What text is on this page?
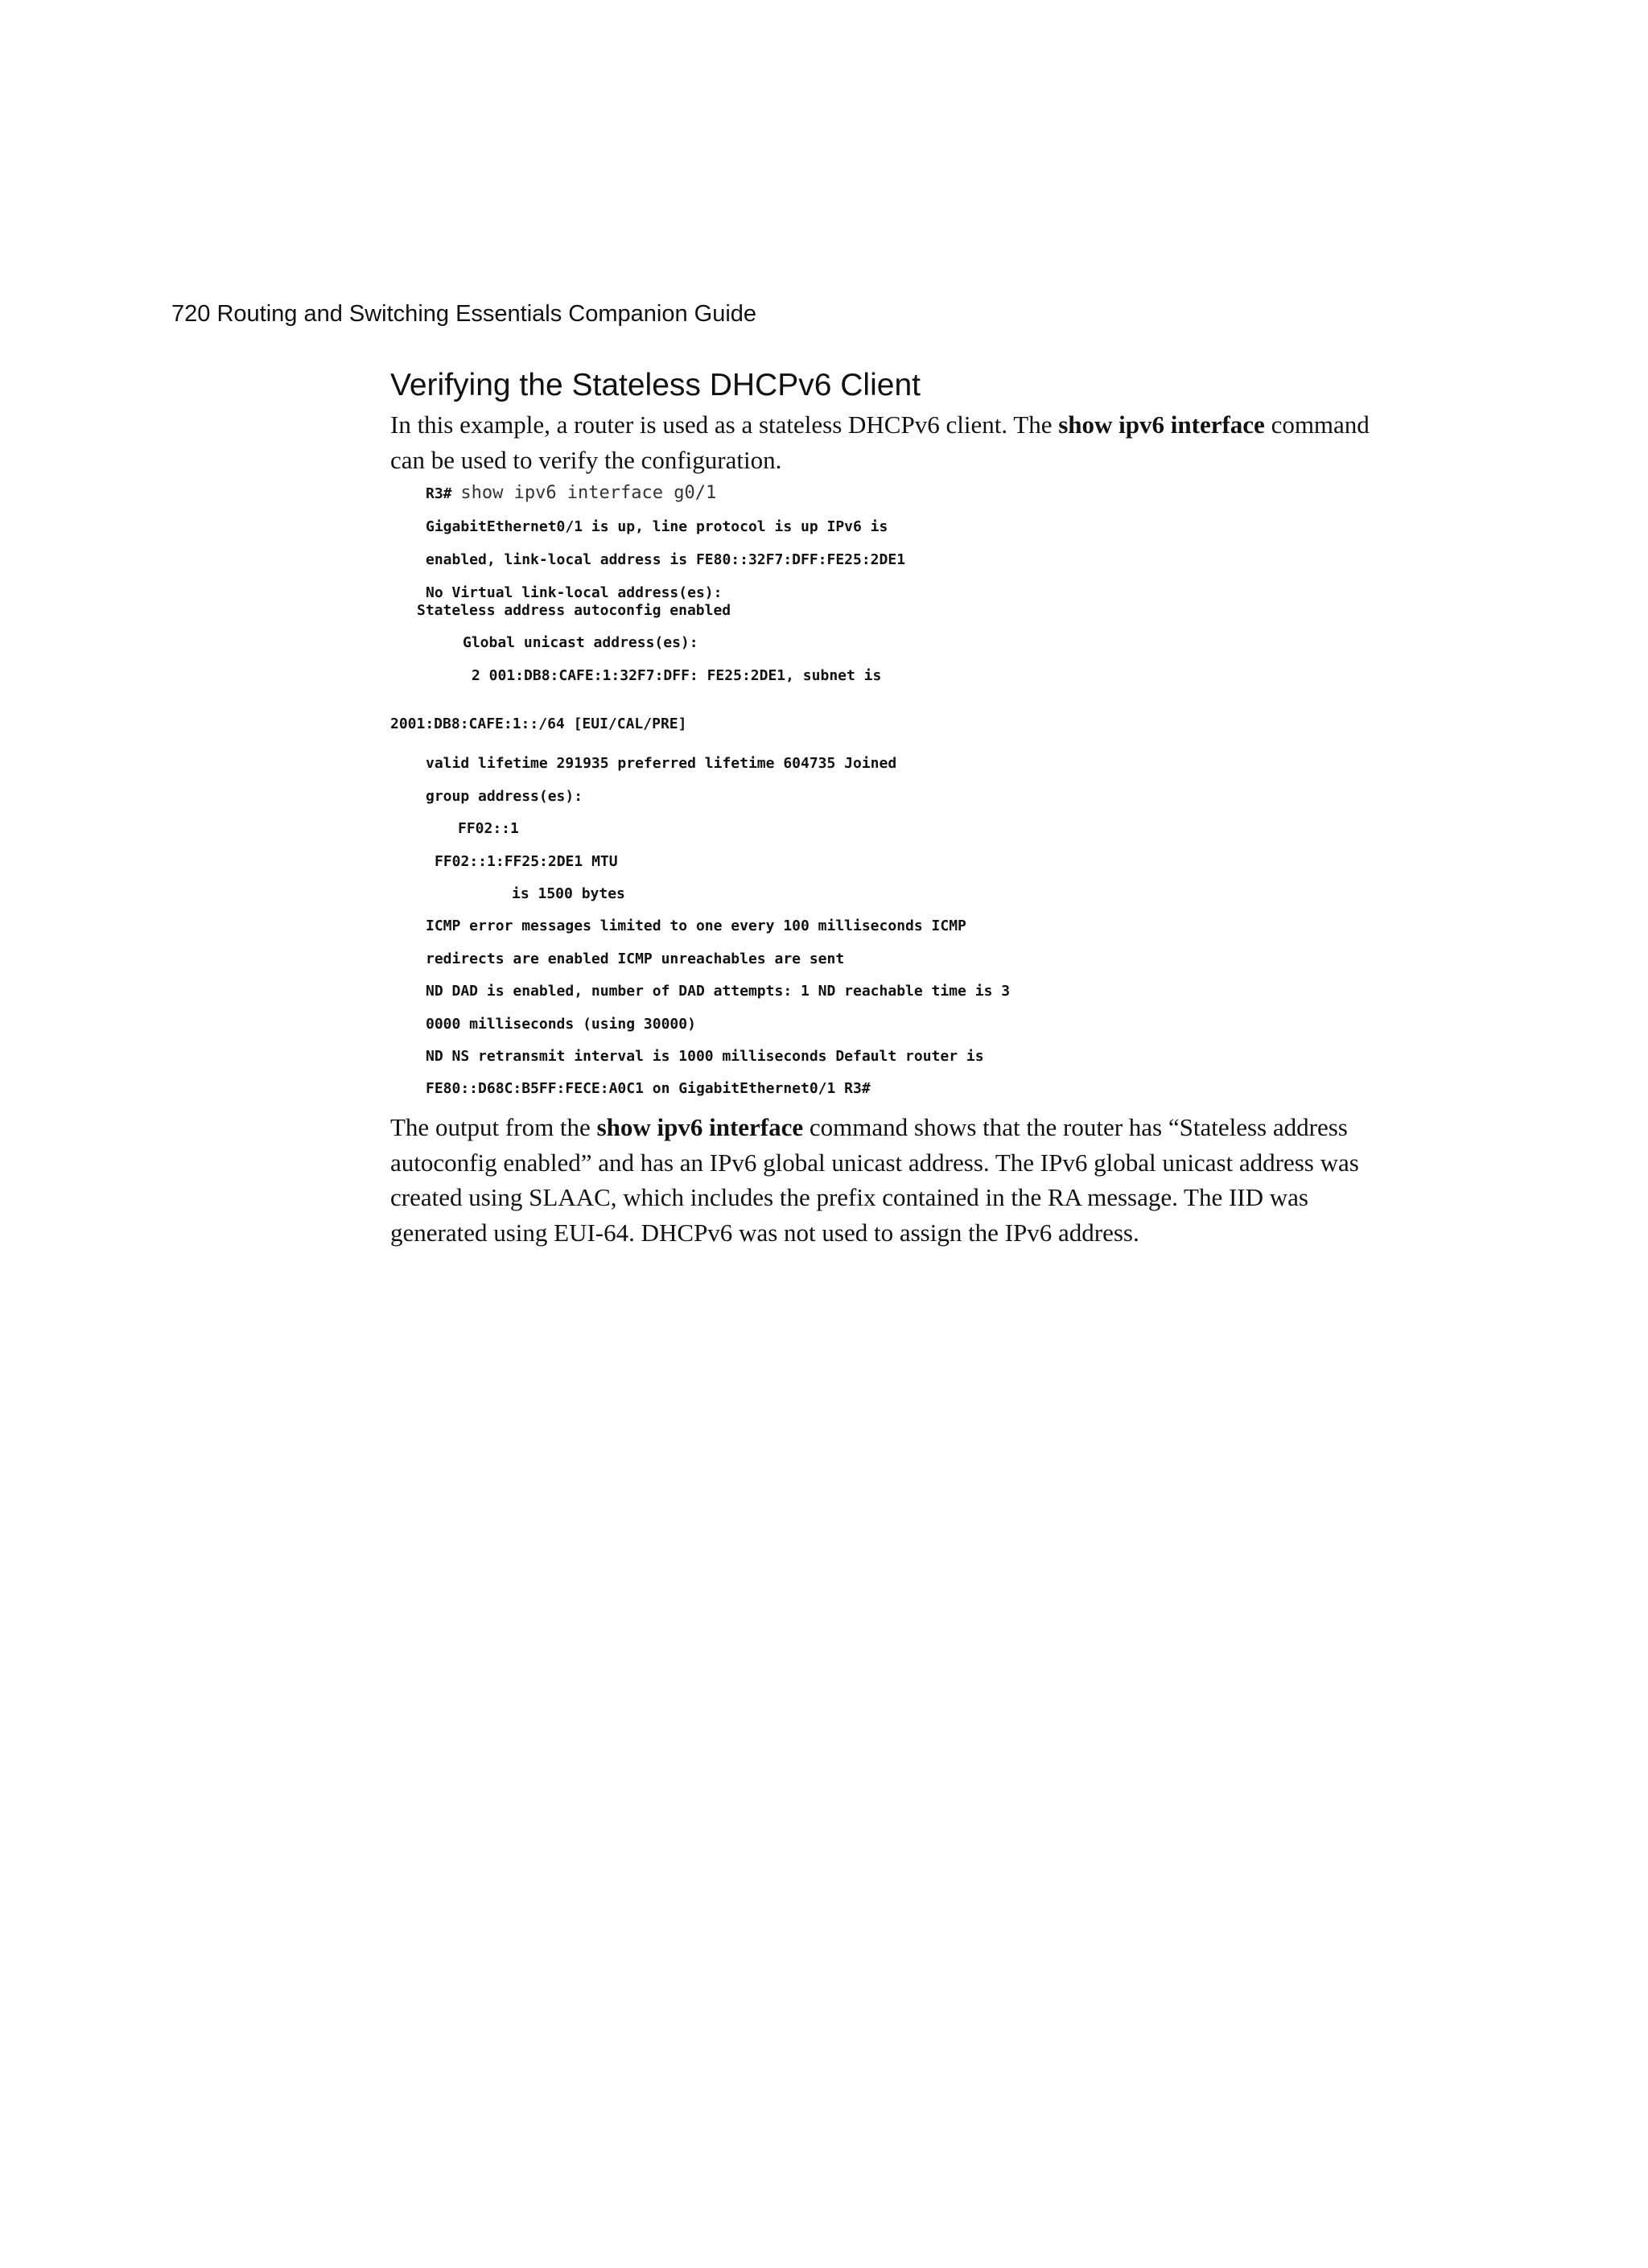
720 Routing and Switching Essentials Companion Guide
Verifying the Stateless DHCPv6 Client

In this example, a router is used as a stateless DHCPv6 client. The show ipv6 interface command can be used to verify the configuration.

R3# show ipv6 interface g0/1
GigabitEthernet0/1 is up, line protocol is up IPv6 is
enabled, link-local address is FE80::32F7:DFF:FE25:2DE1
No Virtual link-local address(es):
Stateless address autoconfig enabled
Global unicast address(es):
2 001:DB8:CAFE:1:32F7:DFF: FE25:2DE1, subnet is
2001:DB8:CAFE:1::/64 [EUI/CAL/PRE]
valid lifetime 291935 preferred lifetime 604735 Joined
group address(es):
FF02::1
FF02::1:FF25:2DE1 MTU
is 1500 bytes
ICMP error messages limited to one every 100 milliseconds ICMP
redirects are enabled ICMP unreachables are sent
ND DAD is enabled, number of DAD attempts: 1 ND reachable time is 3
0000 milliseconds (using 30000)
ND NS retransmit interval is 1000 milliseconds Default router is
FE80::D68C:B5FF:FECE:A0C1 on GigabitEthernet0/1 R3#

The output from the show ipv6 interface command shows that the router has “Stateless address autoconfig enabled” and has an IPv6 global unicast address. The IPv6 global unicast address was created using SLAAC, which includes the prefix contained in the RA message. The IID was generated using EUI-64. DHCPv6 was not used to assign the IPv6 address.
